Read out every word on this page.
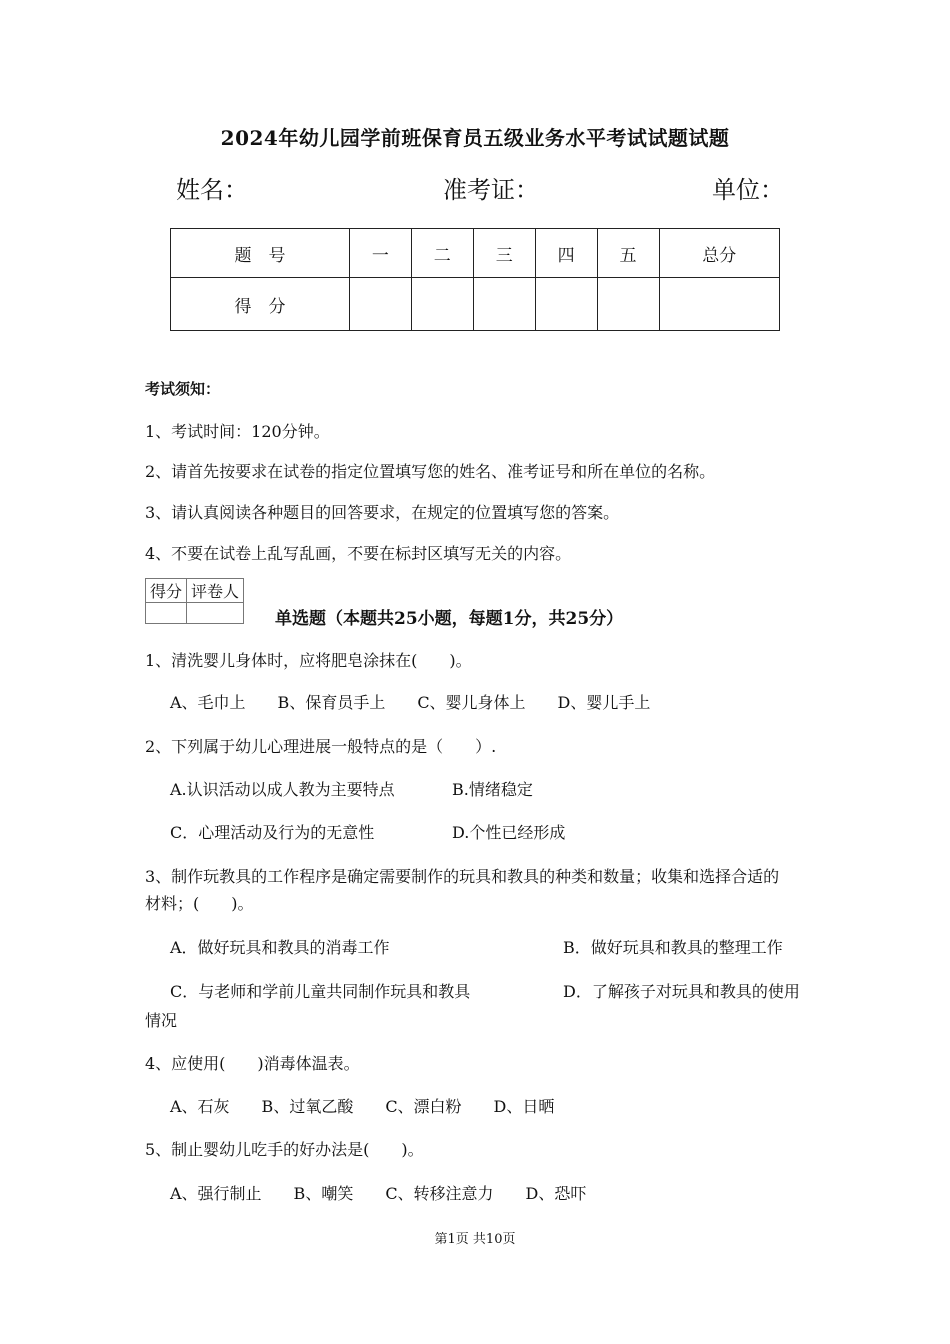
2024年幼儿园学前班保育员五级业务水平考试试题试题
姓名：	准考证：	单位：
题　号	一	二	三	四	五	总分
得　分						
考试须知：
1、考试时间：120分钟。
2、请首先按要求在试卷的指定位置填写您的姓名、准考证号和所在单位的名称。
3、请认真阅读各种题目的回答要求，在规定的位置填写您的答案。
4、不要在试卷上乱写乱画，不要在标封区填写无关的内容。
得分	评卷人

单选题（本题共25小题，每题1分，共25分）
1、清洗婴儿身体时，应将肥皂涂抹在(　　)。
A、毛巾上　　B、保育员手上　　C、婴儿身体上　　D、婴儿手上
2、下列属于幼儿心理进展一般特点的是（　　）.
A.认识活动以成人教为主要特点	B.情绪稳定
C．心理活动及行为的无意性	D.个性已经形成
3、制作玩教具的工作程序是确定需要制作的玩具和教具的种类和数量；收集和选择合适的
材料；(　　)。
A．做好玩具和教具的消毒工作	B．做好玩具和教具的整理工作
C．与老师和学前儿童共同制作玩具和教具	D．了解孩子对玩具和教具的使用
情况
4、应使用(　　)消毒体温表。
A、石灰　　B、过氧乙酸　　C、漂白粉　　D、日晒
5、制止婴幼儿吃手的好办法是(　　)。
A、强行制止　　B、嘲笑　　C、转移注意力　　D、恐吓
第1页 共10页
